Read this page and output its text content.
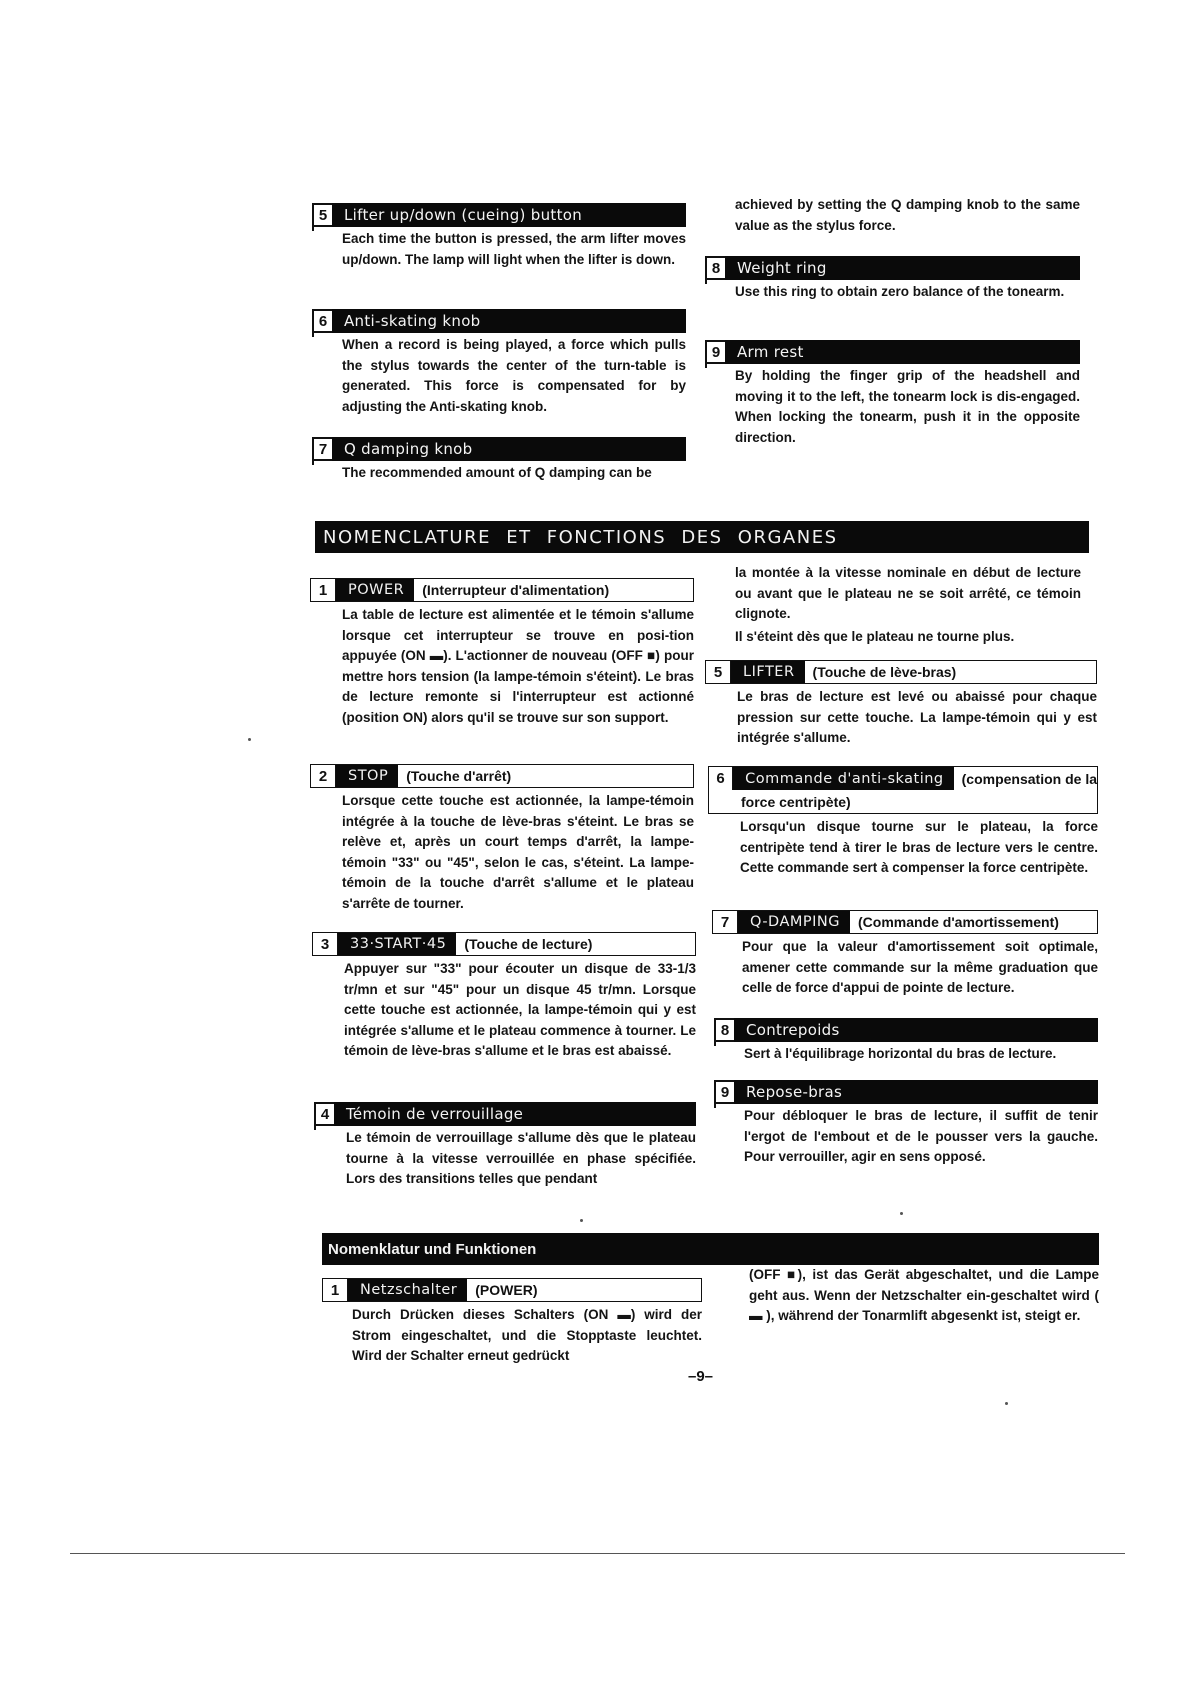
5	Lifter up/down (cueing) button

Each time the button is pressed, the arm lifter moves up/down. The lamp will light when the lifter is down.

6	Anti-skating knob

When a record is being played, a force which pulls the stylus towards the center of the turn-table is generated. This force is compensated for by adjusting the Anti-skating knob.

7	Q damping knob

The recommended amount of Q damping can be

achieved by setting the Q damping knob to the same value as the stylus force.

8	Weight ring

Use this ring to obtain zero balance of the tonearm.

9	Arm rest

By holding the finger grip of the headshell and moving it to the left, the tonearm lock is dis-engaged. When locking the tonearm, push it in the opposite direction.

NOMENCLATURE ET FONCTIONS DES ORGANES
1	POWER	(Interrupteur d'alimentation)

La table de lecture est alimentée et le témoin s'allume lorsque cet interrupteur se trouve en posi-tion appuyée (ON ▬). L'actionner de nouveau (OFF ■) pour mettre hors tension (la lampe-témoin s'éteint). Le bras de lecture remonte si l'interrupteur est actionné (position ON) alors qu'il se trouve sur son support.

2	STOP	(Touche d'arrêt)

Lorsque cette touche est actionnée, la lampe-témoin intégrée à la touche de lève-bras s'éteint. Le bras se relève et, après un court temps d'arrêt, la lampe-témoin "33" ou "45", selon le cas, s'éteint. La lampe-témoin de la touche d'arrêt s'allume et le plateau s'arrête de tourner.

3	33·START·45	(Touche de lecture)

Appuyer sur "33" pour écouter un disque de 33-1/3 tr/mn et sur "45" pour un disque 45 tr/mn. Lorsque cette touche est actionnée, la lampe-témoin qui y est intégrée s'allume et le plateau commence à tourner. Le témoin de lève-bras s'allume et le bras est abaissé.

4	Témoin de verrouillage

Le témoin de verrouillage s'allume dès que le plateau tourne à la vitesse verrouillée en phase spécifiée. Lors des transitions telles que pendant

la montée à la vitesse nominale en début de lecture ou avant que le plateau ne se soit arrêté, ce témoin clignote.

Il s'éteint dès que le plateau ne tourne plus.

5	LIFTER	(Touche de lève-bras)

Le bras de lecture est levé ou abaissé pour chaque pression sur cette touche. La lampe-témoin qui y est intégrée s'allume.

6	Commande d'anti-skating	(compensation de la
force centripète)

Lorsqu'un disque tourne sur le plateau, la force centripète tend à tirer le bras de lecture vers le centre. Cette commande sert à compenser la force centripète.

7	Q-DAMPING	(Commande d'amortissement)

Pour que la valeur d'amortissement soit optimale, amener cette commande sur la même graduation que celle de force d'appui de pointe de lecture.

8	Contrepoids

Sert à l'équilibrage horizontal du bras de lecture.

9	Repose-bras

Pour débloquer le bras de lecture, il suffit de tenir l'ergot de l'embout et de le pousser vers la gauche. Pour verrouiller, agir en sens opposé.

Nomenklatur und Funktionen
1	Netzschalter	(POWER)

Durch Drücken dieses Schalters (ON ▬) wird der Strom eingeschaltet, und die Stopptaste leuchtet. Wird der Schalter erneut gedrückt

(OFF ■), ist das Gerät abgeschaltet, und die Lampe geht aus. Wenn der Netzschalter ein-geschaltet wird ( ▬ ), während der Tonarmlift abgesenkt ist, steigt er.

–9–
